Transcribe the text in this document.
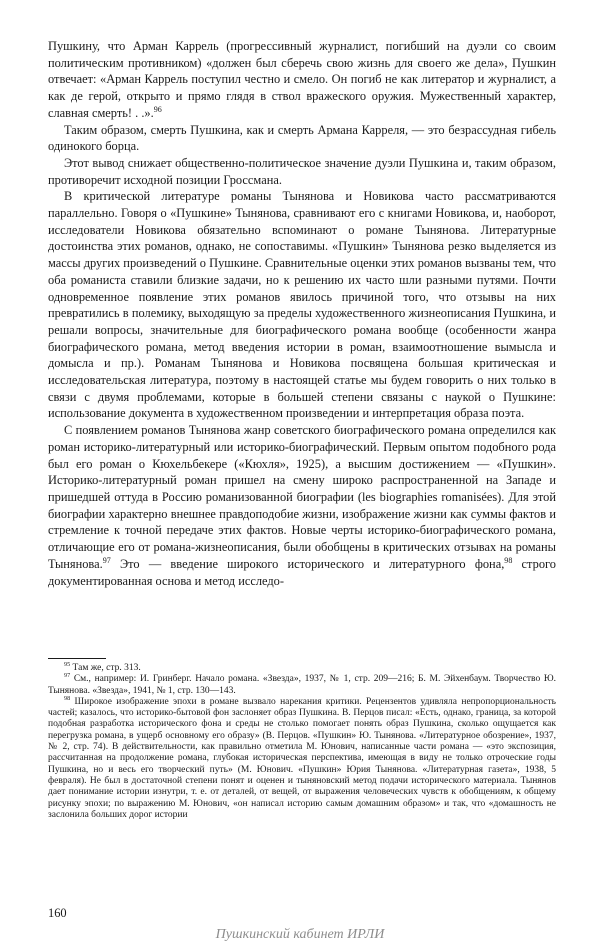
Пушкину, что Арман Каррель (прогрессивный журналист, погибший на дуэли со своим политическим противником) «должен был сберечь свою жизнь для своего же дела», Пушкин отвечает: «Арман Каррель поступил честно и смело. Он погиб не как литератор и журналист, а как де герой, открыто и прямо глядя в ствол вражеского оружия. Мужественный характер, славная смерть! . .».$^{96}$

Таким образом, смерть Пушкина, как и смерть Армана Карреля, — это безрассудная гибель одинокого борца.

Этот вывод снижает общественно-политическое значение дуэли Пушкина и, таким образом, противоречит исходной позиции Гроссмана.

В критической литературе романы Тынянова и Новикова часто рассматриваются параллельно. Говоря о «Пушкине» Тынянова, сравнивают его с книгами Новикова, и, наоборот, исследователи Новикова обязательно вспоминают о романе Тынянова. Литературные достоинства этих романов, однако, не сопоставимы. «Пушкин» Тынянова резко выделяется из массы других произведений о Пушкине. Сравнительные оценки этих романов вызваны тем, что оба романиста ставили близкие задачи, но к решению их часто шли разными путями. Почти одновременное появление этих романов явилось причиной того, что отзывы на них превратились в полемику, выходящую за пределы художественного жизнеописания Пушкина, и решали вопросы, значительные для биографического романа вообще (особенности жанра биографического романа, метод введения истории в роман, взаимоотношение вымысла и домысла и пр.). Романам Тынянова и Новикова посвящена большая критическая и исследовательская литература, поэтому в настоящей статье мы будем говорить о них только в связи с двумя проблемами, которые в большей степени связаны с наукой о Пушкине: использование документа в художественном произведении и интерпретация образа поэта.

С появлением романов Тынянова жанр советского биографического романа определился как роман историко-литературный или историко-биографический. Первым опытом подобного рода был его роман о Кюхельбекере («Кюхля», 1925), а высшим достижением — «Пушкин». Историко-литературный роман пришел на смену широко распространенной на Западе и пришедшей оттуда в Россию романизованной биографии (les biographies romanisées). Для этой биографии характерно внешнее правдоподобие жизни, изображение жизни как суммы фактов и стремление к точной передаче этих фактов. Новые черты историко-биографического романа, отличающие его от романа-жизнеописания, были обобщены в критических отзывах на романы Тынянова.$^{97}$ Это — введение широкого исторического и литературного фона,$^{98}$ строго документированная основа и метод исследо-

$^{95}$ Там же, стр. 313.

$^{97}$ См., например: И. Гринберг. Начало романа. «Звезда», 1937, № 1, стр. 209—216; Б. М. Эйхенбаум. Творчество Ю. Тынянова. «Звезда», 1941, № 1, стр. 130—143.

$^{98}$ Широкое изображение эпохи в романе вызвало нарекания критики. Рецензентов удивляла непропорциональность частей; казалось, что историко-бытовой фон заслоняет образ Пушкина. В. Перцов писал: «Есть, однако, граница, за которой подобная разработка исторического фона и среды не столько помогает понять образ Пушкина, сколько ощущается как перегрузка романа, в ущерб основному его образу» (В. Перцов. «Пушкин» Ю. Тынянова. «Литературное обозрение», 1937, № 2, стр. 74). В действительности, как правильно отметила М. Юнович, написанные части романа — «это экспозиция, рассчитанная на продолжение романа, глубокая историческая перспектива, имеющая в виду не только отроческие годы Пушкина, но и весь его творческий путь» (М. Юнович. «Пушкин» Юрия Тынянова. «Литературная газета», 1938, 5 февраля). Не был в достаточной степени понят и оценен и тыняновский метод подачи исторического материала. Тынянов дает понимание истории изнутри, т. е. от деталей, от вещей, от выражения человеческих чувств к обобщениям, к общему рисунку эпохи; по выражению М. Юнович, «он написал историю самым домашним образом» и так, что «домашность не заслонила больших дорог истории

160
Пушкинский кабинет ИРЛИ
